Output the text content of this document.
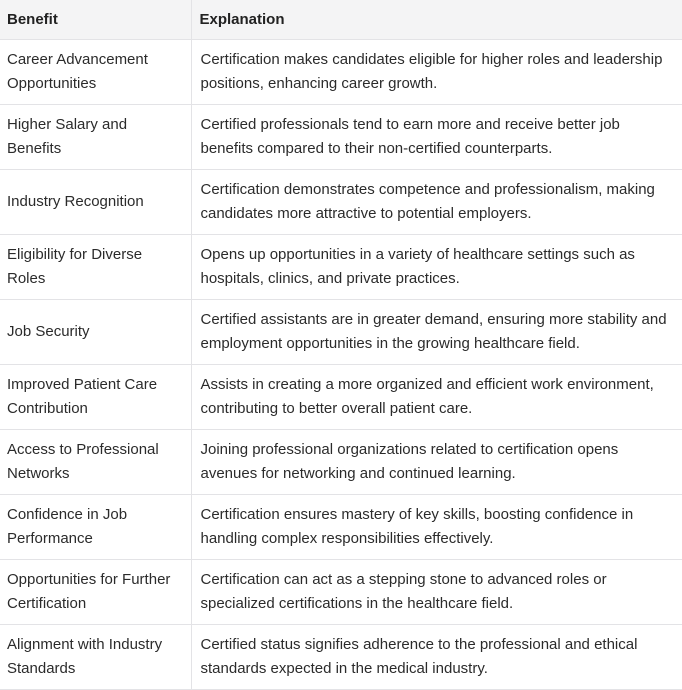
Benefit	Explanation
Career Advancement Opportunities	Certification makes candidates eligible for higher roles and leadership positions, enhancing career growth.
Higher Salary and Benefits	Certified professionals tend to earn more and receive better job benefits compared to their non-certified counterparts.
Industry Recognition	Certification demonstrates competence and professionalism, making candidates more attractive to potential employers.
Eligibility for Diverse Roles	Opens up opportunities in a variety of healthcare settings such as hospitals, clinics, and private practices.
Job Security	Certified assistants are in greater demand, ensuring more stability and employment opportunities in the growing healthcare field.
Improved Patient Care Contribution	Assists in creating a more organized and efficient work environment, contributing to better overall patient care.
Access to Professional Networks	Joining professional organizations related to certification opens avenues for networking and continued learning.
Confidence in Job Performance	Certification ensures mastery of key skills, boosting confidence in handling complex responsibilities effectively.
Opportunities for Further Certification	Certification can act as a stepping stone to advanced roles or specialized certifications in the healthcare field.
Alignment with Industry Standards	Certified status signifies adherence to the professional and ethical standards expected in the medical industry.
